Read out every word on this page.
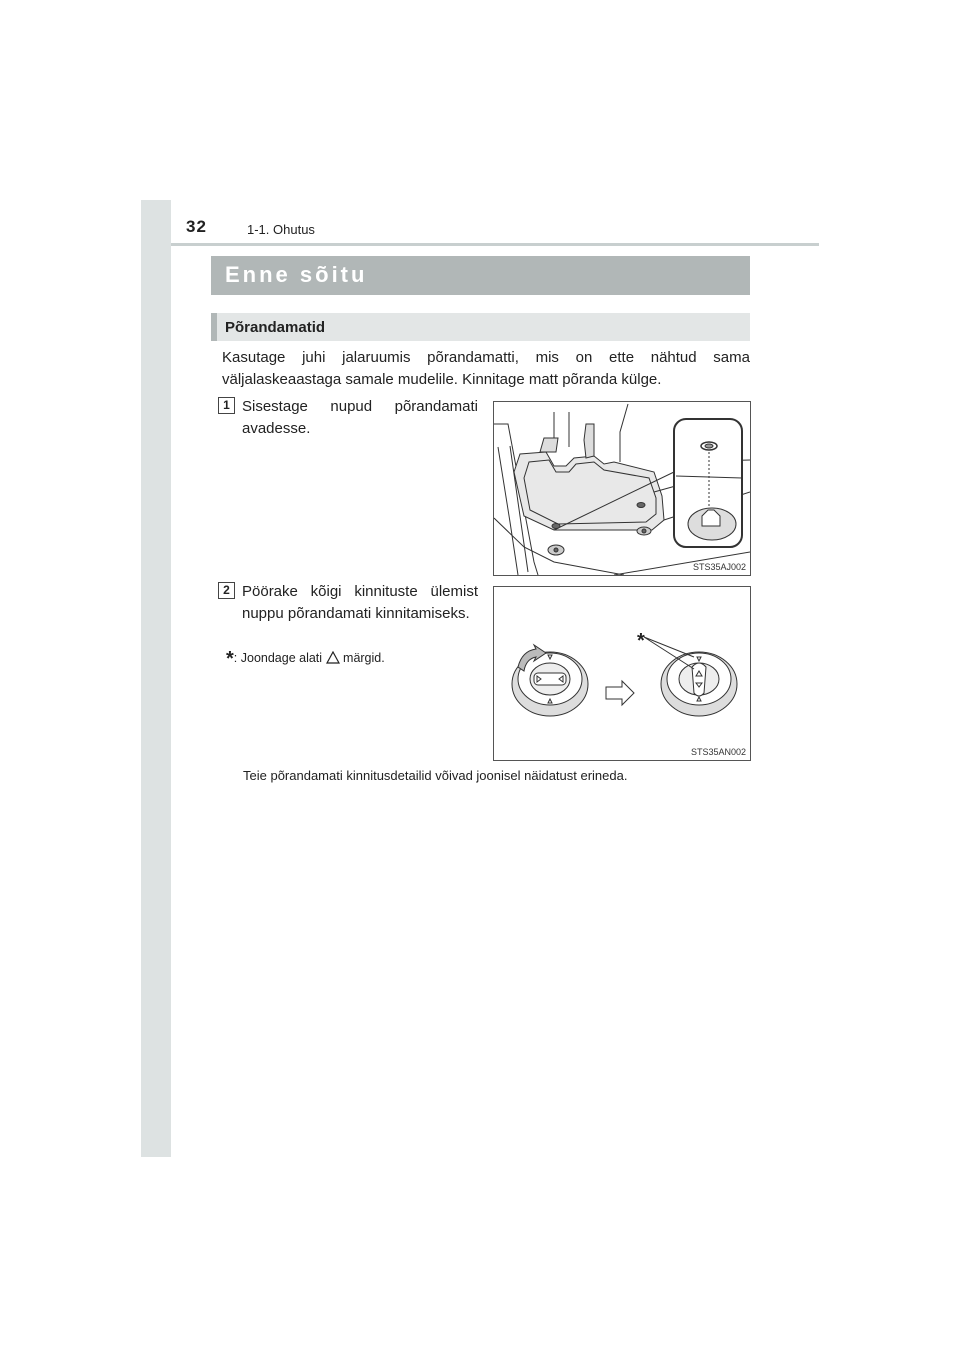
32	1-1. Ohutus
Enne sõitu
Põrandamatid
Kasutage juhi jalaruumis põrandamatti, mis on ette nähtud sama väljalaskeaastaga samale mudelile. Kinnitage matt põranda külge.
1 Sisestage nupud põrandamati avadesse.
STS35AJ002
2 Pöörake kõigi kinnituste ülemist nuppu põrandamati kinnitamiseks.
*: Joondage alati märgid.
*
STS35AN002
Teie põrandamati kinnitusdetailid võivad joonisel näidatust erineda.
